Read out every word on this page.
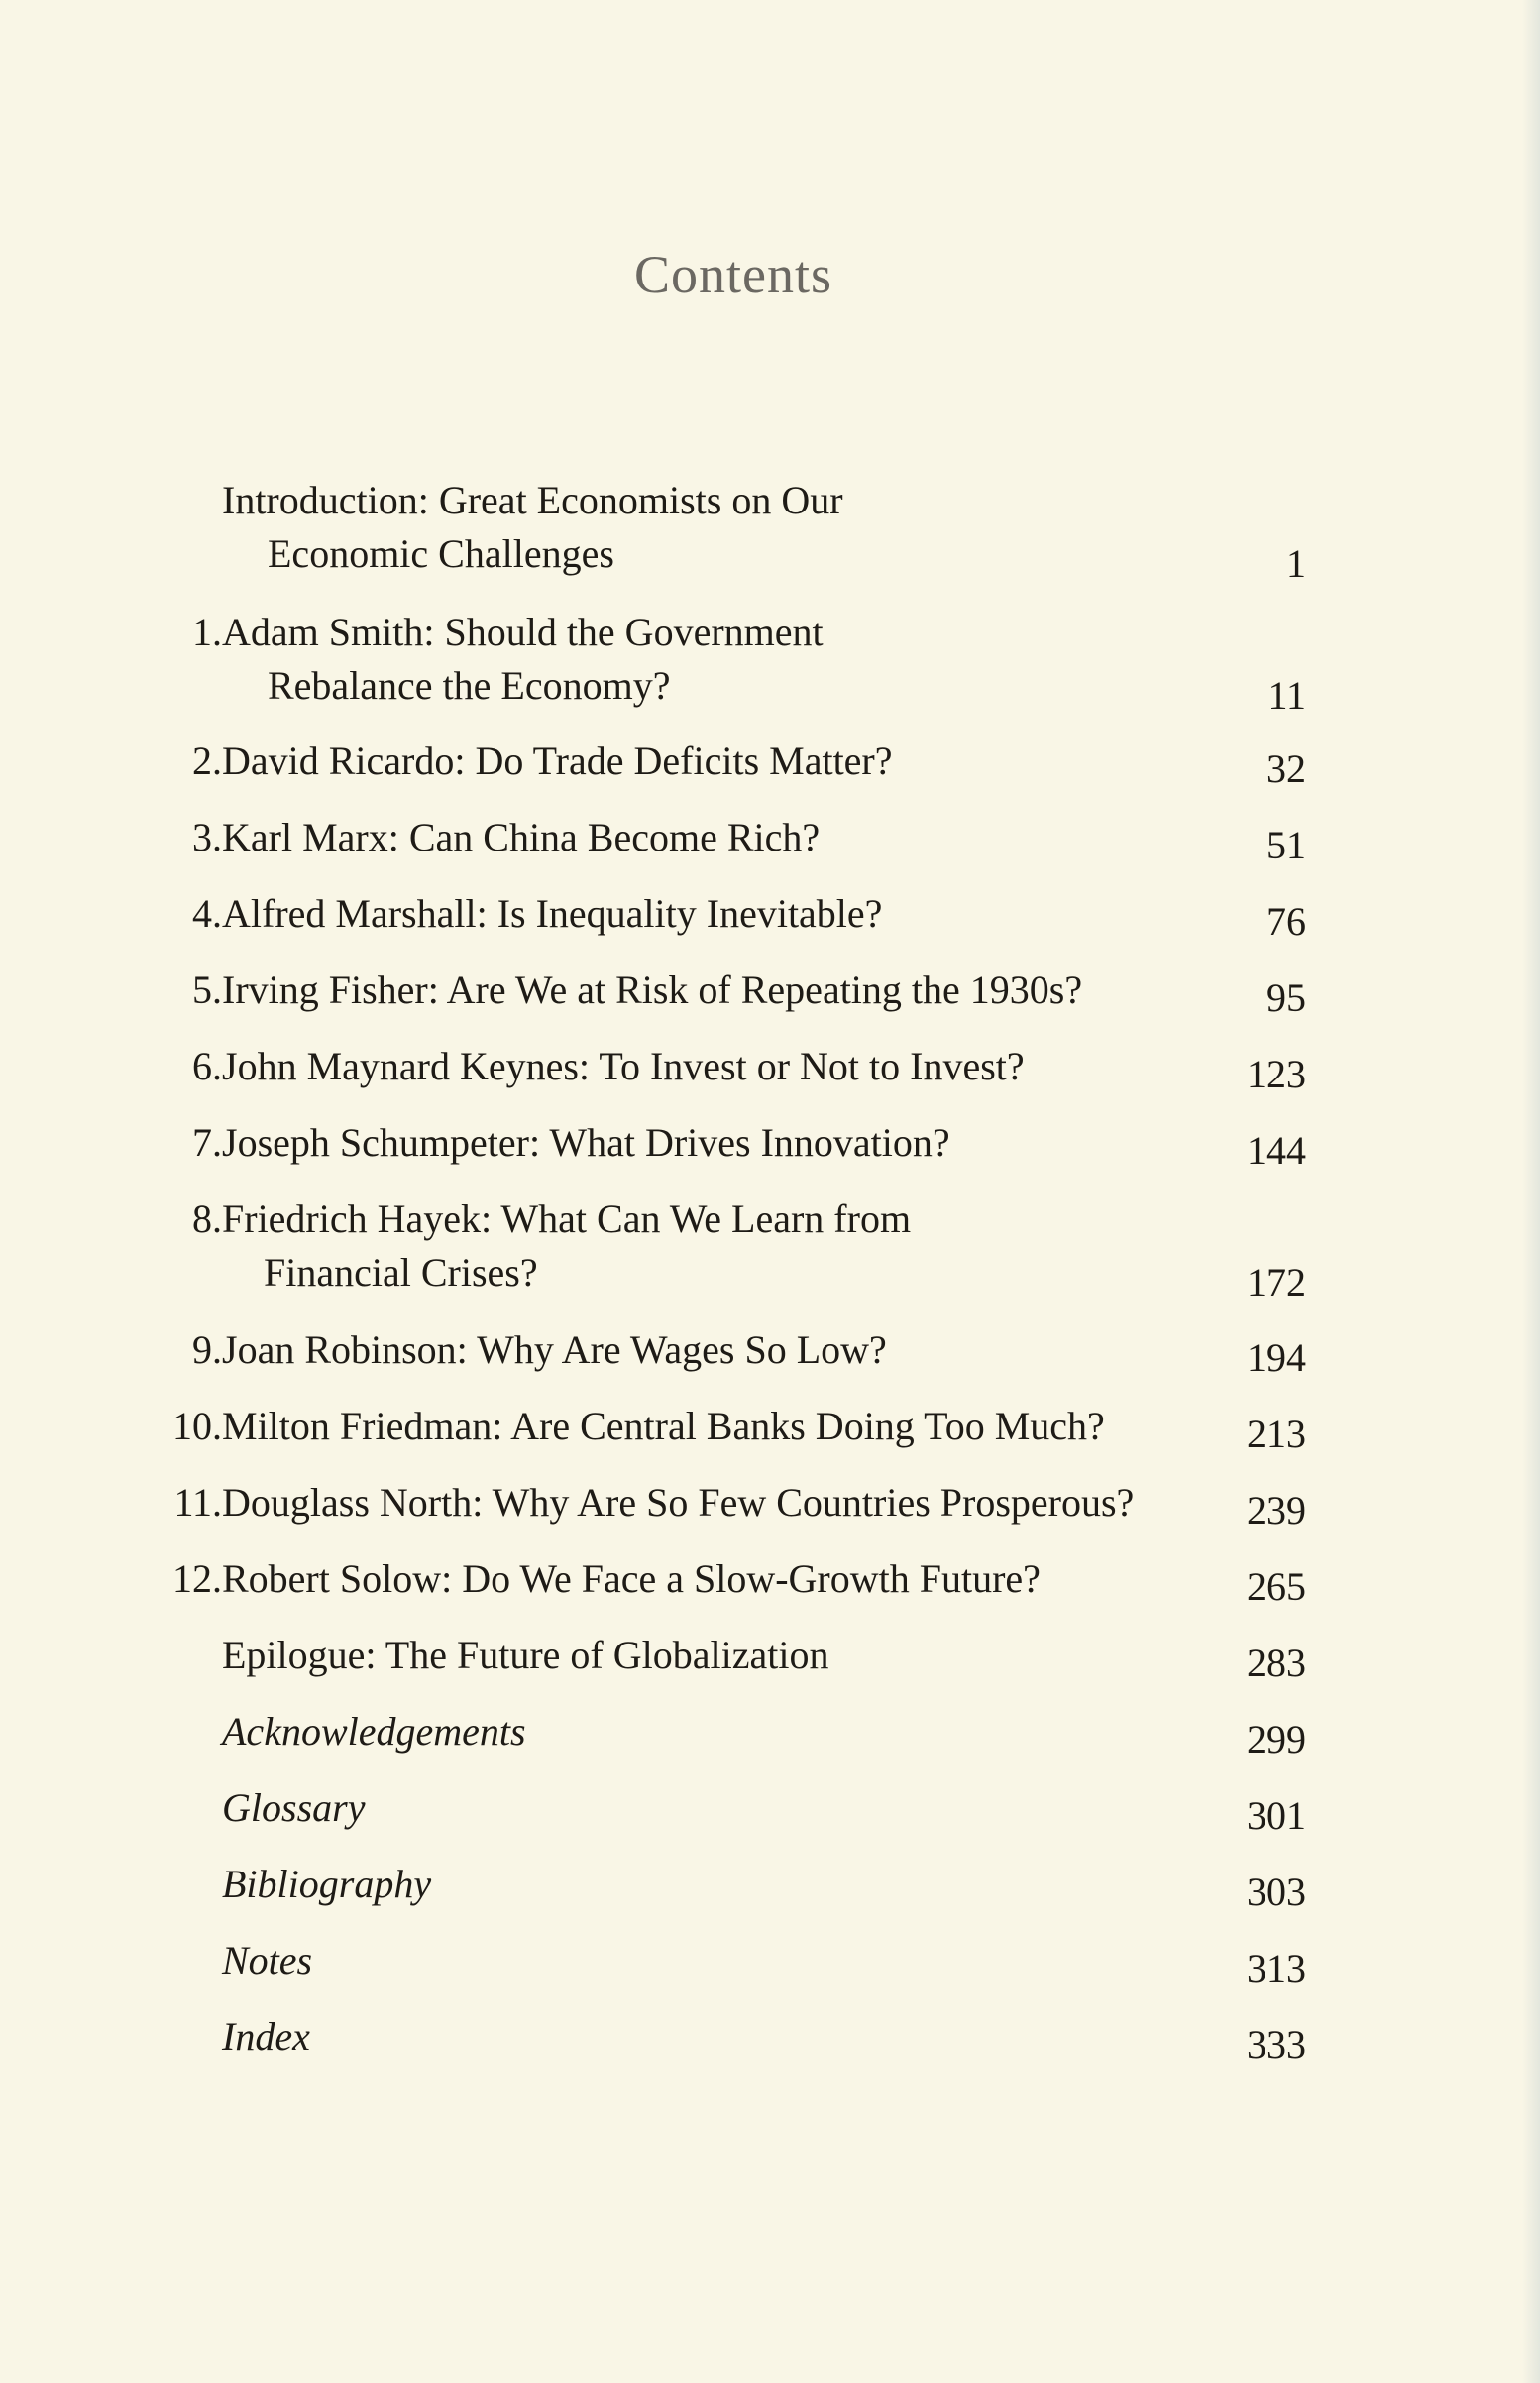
Contents
Introduction: Great Economists on Our
Economic Challenges	1
1. Adam Smith: Should the Government
Rebalance the Economy?	11
2. David Ricardo: Do Trade Deficits Matter?	32
3. Karl Marx: Can China Become Rich?	51
4. Alfred Marshall: Is Inequality Inevitable?	76
5. Irving Fisher: Are We at Risk of Repeating the 1930s?	95
6. John Maynard Keynes: To Invest or Not to Invest?	123
7. Joseph Schumpeter: What Drives Innovation?	144
8. Friedrich Hayek: What Can We Learn from
Financial Crises?	172
9. Joan Robinson: Why Are Wages So Low?	194
10. Milton Friedman: Are Central Banks Doing Too Much?	213
11. Douglass North: Why Are So Few Countries Prosperous?	239
12. Robert Solow: Do We Face a Slow-Growth Future?	265
Epilogue: The Future of Globalization	283
Acknowledgements	299
Glossary	301
Bibliography	303
Notes	313
Index	333
